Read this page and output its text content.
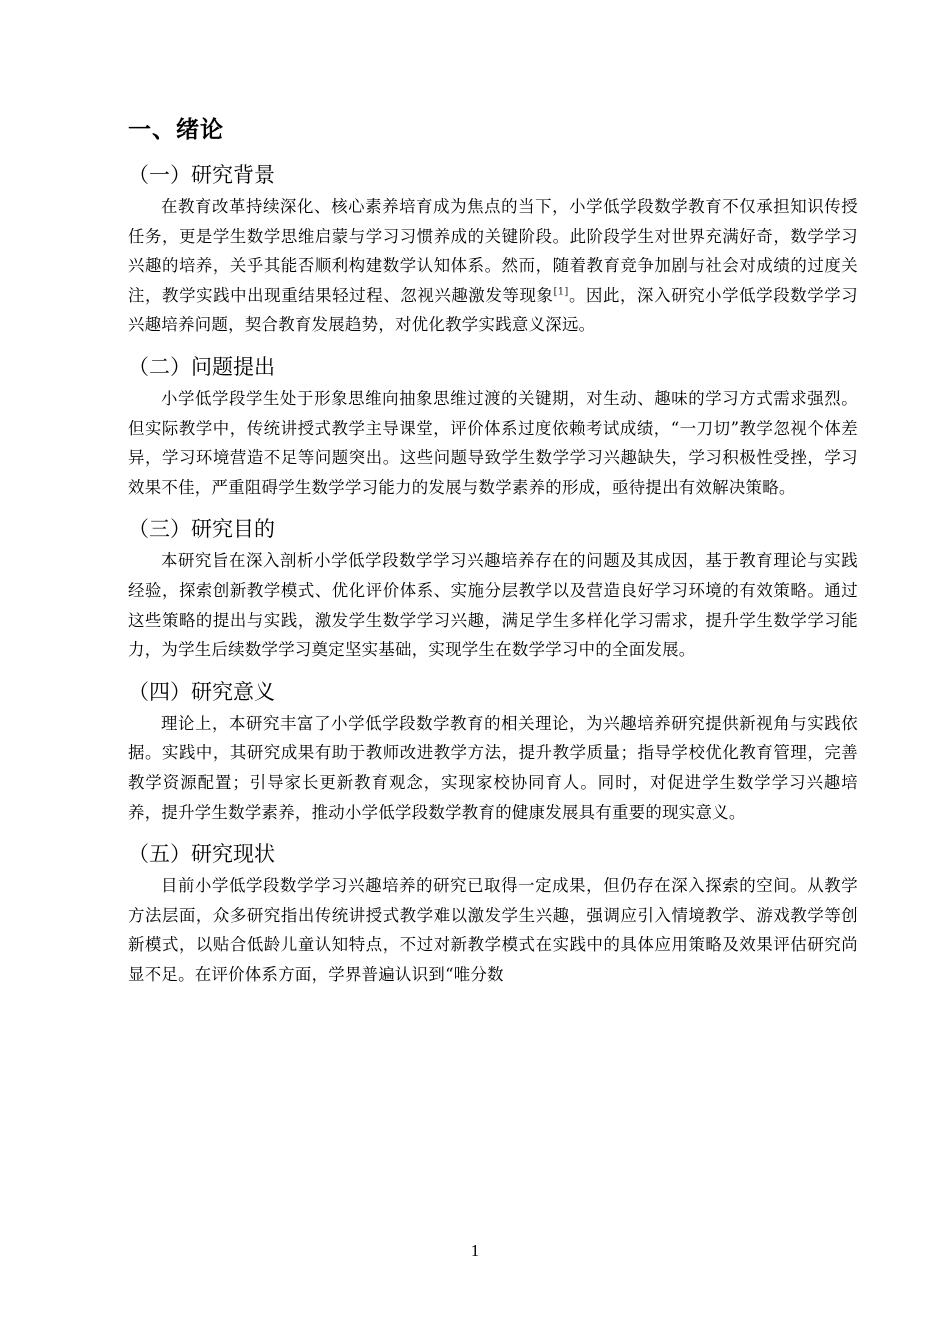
一、绪论
（一）研究背景

在教育改革持续深化、核心素养培育成为焦点的当下，小学低学段数学教育不仅承担知识传授任务，更是学生数学思维启蒙与学习习惯养成的关键阶段。此阶段学生对世界充满好奇，数学学习兴趣的培养，关乎其能否顺利构建数学认知体系。然而，随着教育竞争加剧与社会对成绩的过度关注，教学实践中出现重结果轻过程、忽视兴趣激发等现象[1]。因此，深入研究小学低学段数学学习兴趣培养问题，契合教育发展趋势，对优化教学实践意义深远。

（二）问题提出

小学低学段学生处于形象思维向抽象思维过渡的关键期，对生动、趣味的学习方式需求强烈。但实际教学中，传统讲授式教学主导课堂，评价体系过度依赖考试成绩，“一刀切”教学忽视个体差异，学习环境营造不足等问题突出。这些问题导致学生数学学习兴趣缺失，学习积极性受挫，学习效果不佳，严重阻碍学生数学学习能力的发展与数学素养的形成，亟待提出有效解决策略。

（三）研究目的

本研究旨在深入剖析小学低学段数学学习兴趣培养存在的问题及其成因，基于教育理论与实践经验，探索创新教学模式、优化评价体系、实施分层教学以及营造良好学习环境的有效策略。通过这些策略的提出与实践，激发学生数学学习兴趣，满足学生多样化学习需求，提升学生数学学习能力，为学生后续数学学习奠定坚实基础，实现学生在数学学习中的全面发展。

（四）研究意义

理论上，本研究丰富了小学低学段数学教育的相关理论，为兴趣培养研究提供新视角与实践依据。实践中，其研究成果有助于教师改进教学方法，提升教学质量；指导学校优化教育管理，完善教学资源配置；引导家长更新教育观念，实现家校协同育人。同时，对促进学生数学学习兴趣培养，提升学生数学素养，推动小学低学段数学教育的健康发展具有重要的现实意义。

（五）研究现状

目前小学低学段数学学习兴趣培养的研究已取得一定成果，但仍存在深入探索的空间。从教学方法层面，众多研究指出传统讲授式教学难以激发学生兴趣，强调应引入情境教学、游戏教学等创新模式，以贴合低龄儿童认知特点，不过对新教学模式在实践中的具体应用策略及效果评估研究尚显不足。在评价体系方面，学界普遍认识到“唯分数

1
